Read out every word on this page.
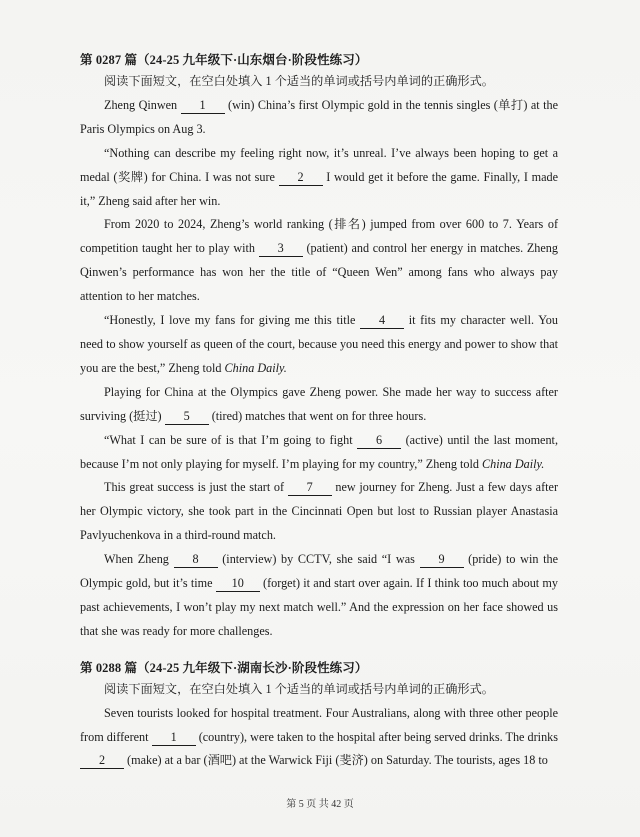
第 0287 篇（24-25 九年级下·山东烟台·阶段性练习）

阅读下面短文，在空白处填入 1 个适当的单词或括号内单词的正确形式。

Zheng Qinwen 1 (win) China’s first Olympic gold in the tennis singles (单打) at the Paris Olympics on Aug 3.

“Nothing can describe my feeling right now, it’s unreal. I’ve always been hoping to get a medal (奖牌) for China. I was not sure 2 I would get it before the game. Finally, I made it,” Zheng said after her win.

From 2020 to 2024, Zheng’s world ranking (排名) jumped from over 600 to 7. Years of competition taught her to play with 3 (patient) and control her energy in matches. Zheng Qinwen’s performance has won her the title of “Queen Wen” among fans who always pay attention to her matches.

“Honestly, I love my fans for giving me this title 4 it fits my character well. You need to show yourself as queen of the court, because you need this energy and power to show that you are the best,” Zheng told China Daily.

Playing for China at the Olympics gave Zheng power. She made her way to success after surviving (挺过) 5 (tired) matches that went on for three hours.

“What I can be sure of is that I’m going to fight 6 (active) until the last moment, because I’m not only playing for myself. I’m playing for my country,” Zheng told China Daily.

This great success is just the start of 7 new journey for Zheng. Just a few days after her Olympic victory, she took part in the Cincinnati Open but lost to Russian player Anastasia Pavlyuchenkova in a third-round match.

When Zheng 8 (interview) by CCTV, she said “I was 9 (pride) to win the Olympic gold, but it’s time 10 (forget) it and start over again. If I think too much about my past achievements, I won’t play my next match well.” And the expression on her face showed us that she was ready for more challenges.

第 0288 篇（24-25 九年级下·湖南长沙·阶段性练习）

阅读下面短文，在空白处填入 1 个适当的单词或括号内单词的正确形式。

Seven tourists looked for hospital treatment. Four Australians, along with three other people from different 1 (country), were taken to the hospital after being served drinks. The drinks 2 (make) at a bar (酒吧) at the Warwick Fiji (斐济) on Saturday. The tourists, ages 18 to

第 5 页 共 42 页
